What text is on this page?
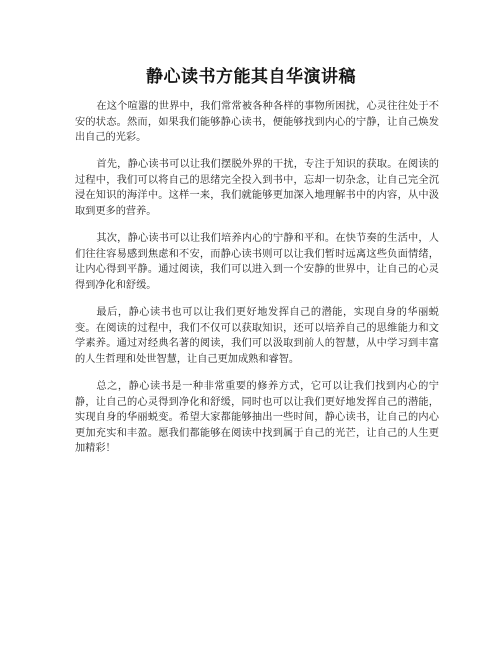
静心读书方能其自华演讲稿

在这个喧嚣的世界中，我们常常被各种各样的事物所困扰，心灵往往处于不安的状态。然而，如果我们能够静心读书，便能够找到内心的宁静，让自己焕发出自己的光彩。

首先，静心读书可以让我们摆脱外界的干扰，专注于知识的获取。在阅读的过程中，我们可以将自己的思绪完全投入到书中，忘却一切杂念，让自己完全沉浸在知识的海洋中。这样一来，我们就能够更加深入地理解书中的内容，从中汲取到更多的营养。

其次，静心读书可以让我们培养内心的宁静和平和。在快节奏的生活中，人们往往容易感到焦虑和不安，而静心读书则可以让我们暂时远离这些负面情绪，让内心得到平静。通过阅读，我们可以进入到一个安静的世界中，让自己的心灵得到净化和舒缓。

最后，静心读书也可以让我们更好地发挥自己的潜能，实现自身的华丽蜕变。在阅读的过程中，我们不仅可以获取知识，还可以培养自己的思维能力和文学素养。通过对经典名著的阅读，我们可以汲取到前人的智慧，从中学习到丰富的人生哲理和处世智慧，让自己更加成熟和睿智。

总之，静心读书是一种非常重要的修养方式，它可以让我们找到内心的宁静，让自己的心灵得到净化和舒缓，同时也可以让我们更好地发挥自己的潜能，实现自身的华丽蜕变。希望大家都能够抽出一些时间，静心读书，让自己的内心更加充实和丰盈。愿我们都能够在阅读中找到属于自己的光芒，让自己的人生更加精彩！
